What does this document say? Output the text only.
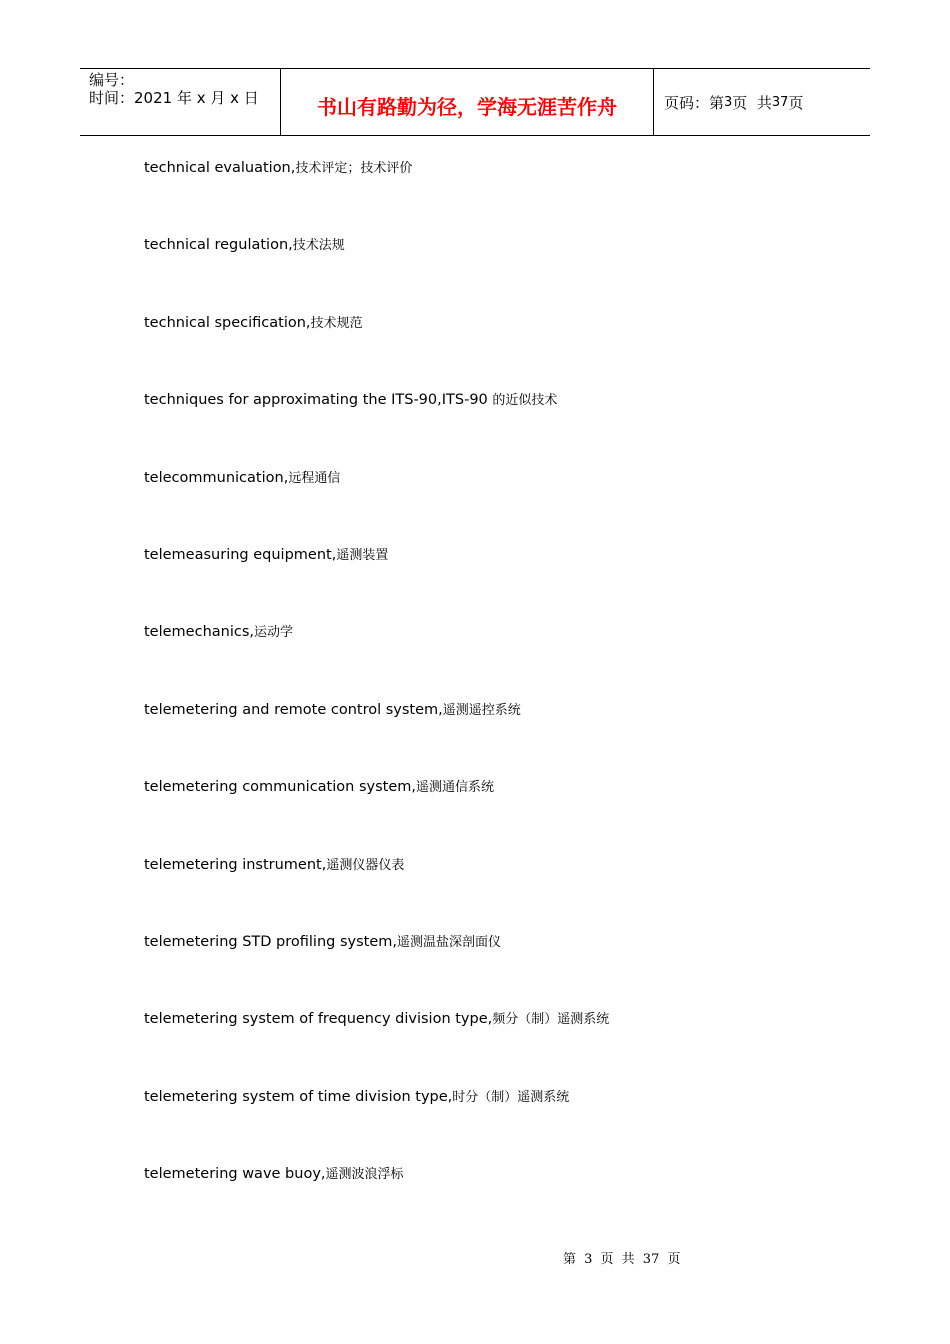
编号：
时间：2021 年 x 月 x 日	书山有路勤为径，学海无涯苦作舟	页码：第 3 页  共 37 页
technical evaluation,技术评定；技术评价
technical regulation,技术法规
technical specification,技术规范
techniques for approximating the ITS-90,ITS-90 的近似技术
telecommunication,远程通信
telemeasuring equipment,遥测装置
telemechanics,运动学
telemetering and remote control system,遥测遥控系统
telemetering communication system,遥测通信系统
telemetering instrument,遥测仪器仪表
telemetering STD profiling system,遥测温盐深剖面仪
telemetering system of frequency division type,频分（制）遥测系统
telemetering system of time division type,时分（制）遥测系统
telemetering wave buoy,遥测波浪浮标
第 3 页 共 37 页
